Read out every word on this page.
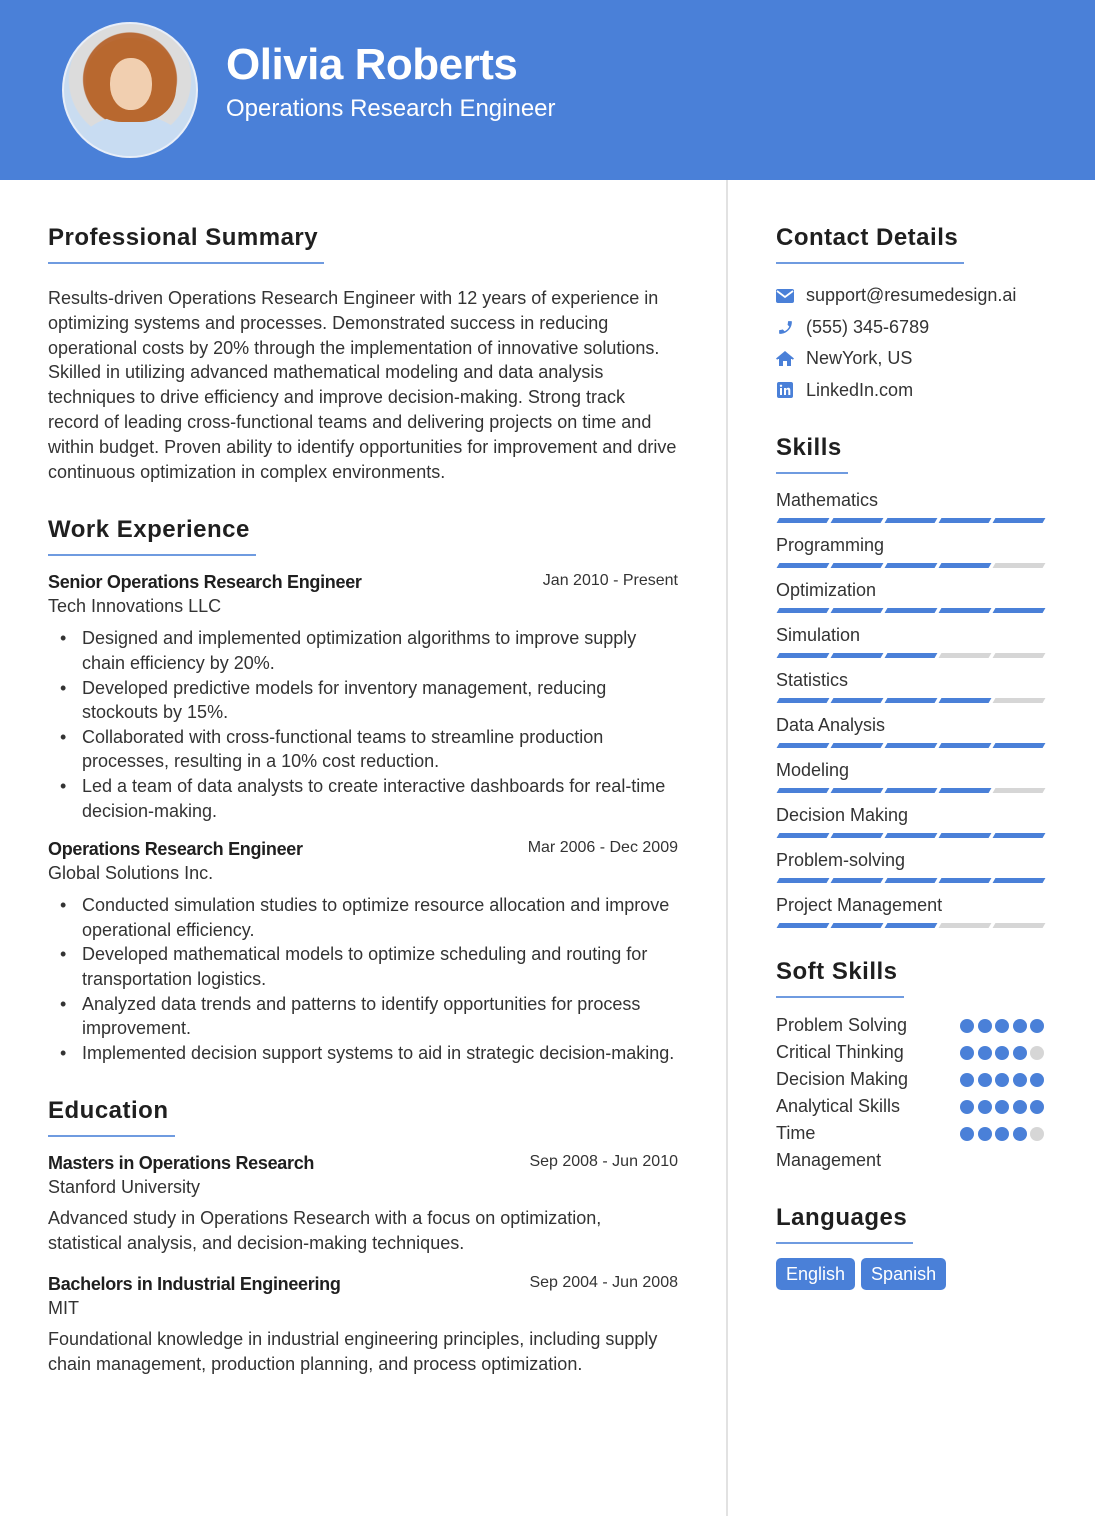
Olivia Roberts
Operations Research Engineer
Professional Summary

Results-driven Operations Research Engineer with 12 years of experience in optimizing systems and processes. Demonstrated success in reducing operational costs by 20% through the implementation of innovative solutions. Skilled in utilizing advanced mathematical modeling and data analysis techniques to drive efficiency and improve decision-making. Strong track record of leading cross-functional teams and delivering projects on time and within budget. Proven ability to identify opportunities for improvement and drive continuous optimization in complex environments.

Work Experience
Senior Operations Research Engineer	Jan 2010 - Present
Tech Innovations LLC
• Designed and implemented optimization algorithms to improve supply chain efficiency by 20%.
• Developed predictive models for inventory management, reducing stockouts by 15%.
• Collaborated with cross-functional teams to streamline production processes, resulting in a 10% cost reduction.
• Led a team of data analysts to create interactive dashboards for real-time decision-making.
Operations Research Engineer	Mar 2006 - Dec 2009
Global Solutions Inc.
• Conducted simulation studies to optimize resource allocation and improve operational efficiency.
• Developed mathematical models to optimize scheduling and routing for transportation logistics.
• Analyzed data trends and patterns to identify opportunities for process improvement.
• Implemented decision support systems to aid in strategic decision-making.
Education
Masters in Operations Research	Sep 2008 - Jun 2010
Stanford University

Advanced study in Operations Research with a focus on optimization, statistical analysis, and decision-making techniques.

Bachelors in Industrial Engineering	Sep 2004 - Jun 2008
MIT

Foundational knowledge in industrial engineering principles, including supply chain management, production planning, and process optimization.

Contact Details
support@resumedesign.ai
(555) 345-6789
NewYork, US
LinkedIn.com
Skills
Mathematics
Programming
Optimization
Simulation
Statistics
Data Analysis
Modeling
Decision Making
Problem-solving
Project Management
Soft Skills
Problem Solving
Critical Thinking
Decision Making
Analytical Skills
Time Management
Languages
English	Spanish
